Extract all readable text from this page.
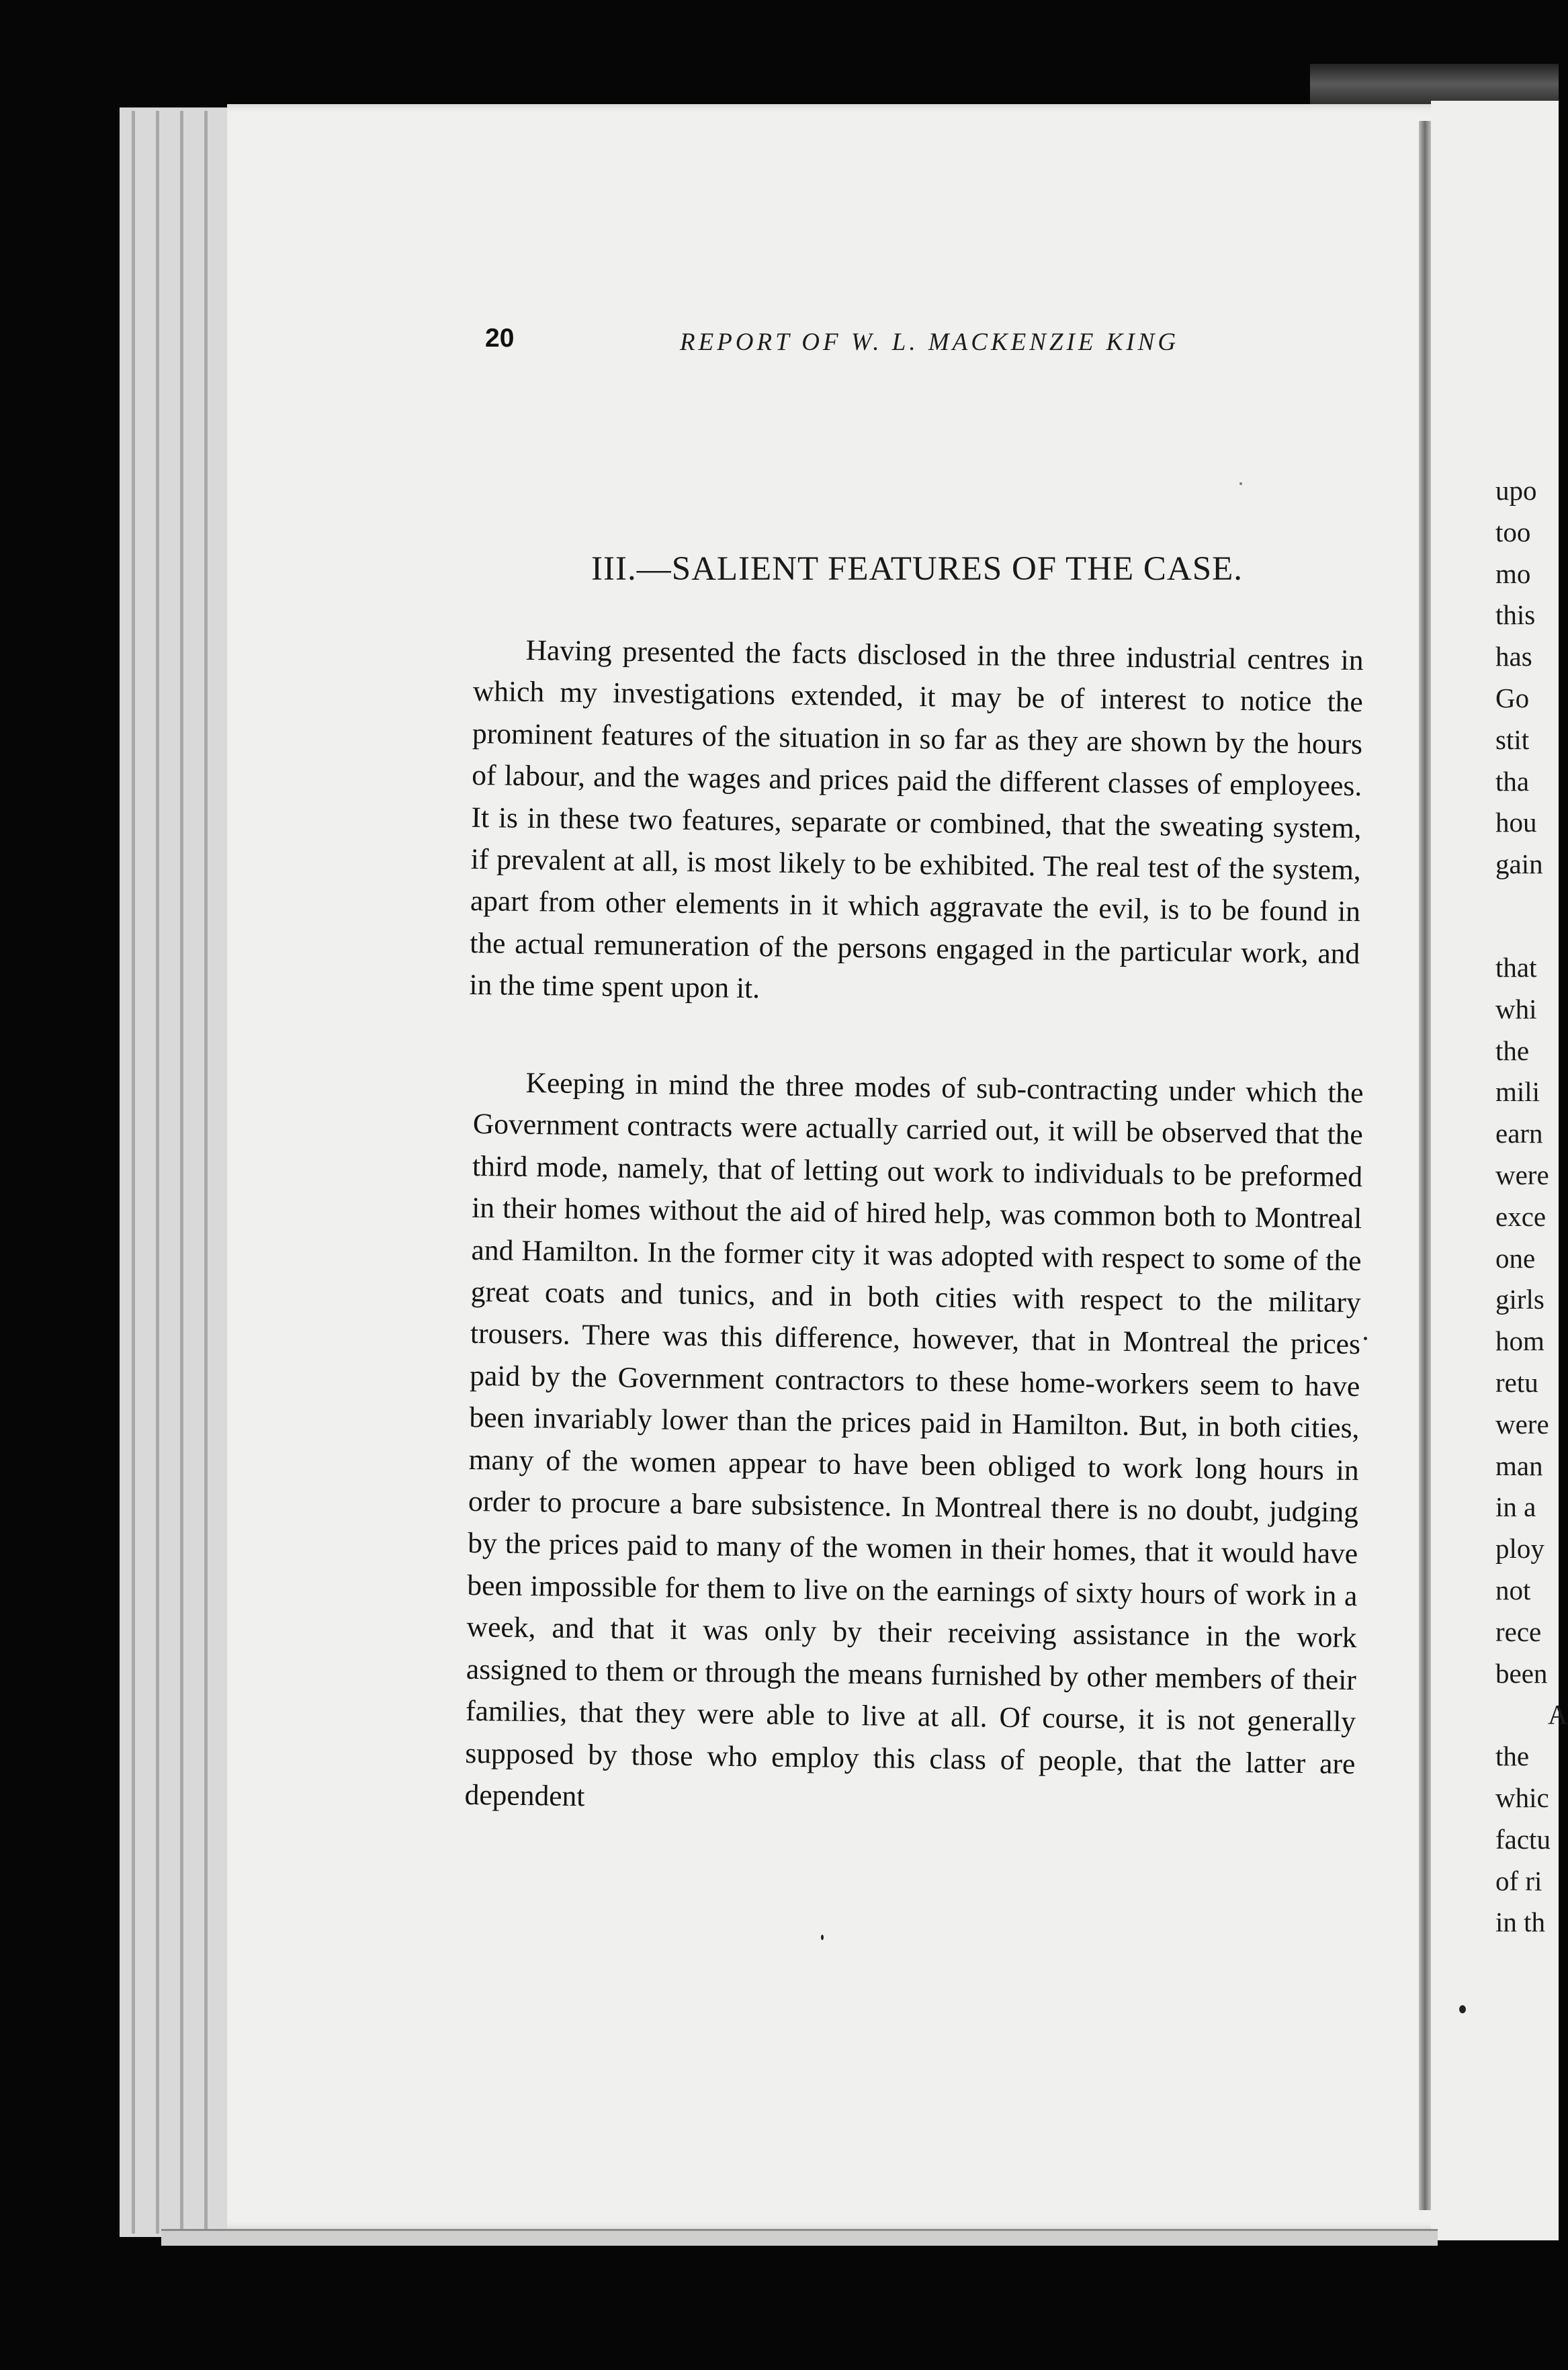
20	REPORT OF W. L. MACKENZIE KING
III.—SALIENT FEATURES OF THE CASE.

Having presented the facts disclosed in the three industrial centres in which my investigations extended, it may be of interest to notice the prominent features of the situation in so far as they are shown by the hours of labour, and the wages and prices paid the different classes of employees. It is in these two features, separate or combined, that the sweating system, if prevalent at all, is most likely to be exhibited. The real test of the system, apart from other elements in it which aggravate the evil, is to be found in the actual remuneration of the persons engaged in the particular work, and in the time spent upon it.

Keeping in mind the three modes of sub-contracting under which the Government contracts were actually carried out, it will be observed that the third mode, namely, that of letting out work to individuals to be preformed in their homes without the aid of hired help, was common both to Montreal and Hamilton. In the former city it was adopted with respect to some of the great coats and tunics, and in both cities with respect to the military trousers. There was this difference, however, that in Montreal the prices paid by the Government contractors to these home-workers seem to have been invariably lower than the prices paid in Hamilton. But, in both cities, many of the women appear to have been obliged to work long hours in order to procure a bare subsistence. In Montreal there is no doubt, judging by the prices paid to many of the women in their homes, that it would have been impossible for them to live on the earnings of sixty hours of work in a week, and that it was only by their receiving assistance in the work assigned to them or through the means furnished by other members of their families, that they were able to live at all. Of course, it is not generally supposed by those who employ this class of people, that the latter are dependent

upo
too
mo
this
has
Go
stit
tha
hou
gain
that
whi
the
mili
earn
were
exce
one
girls
hom
retu
were
man
in a
ploy
not
rece
been
A
the
whic
factu
of ri
in th
